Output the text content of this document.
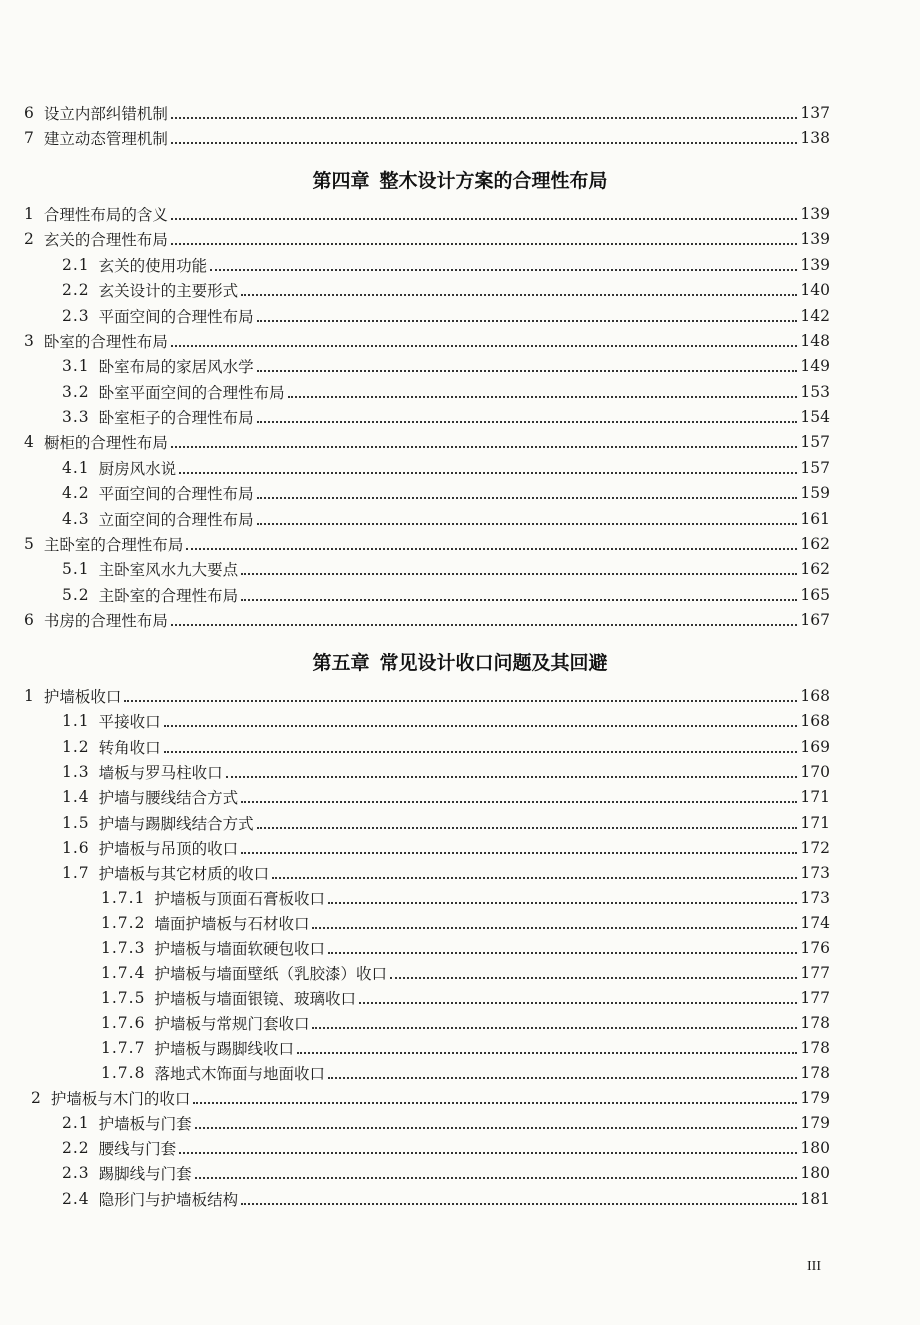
6 设立内部纠错机制	137
7 建立动态管理机制	138
第四章 整木设计方案的合理性布局
1 合理性布局的含义	139
2 玄关的合理性布局	139
2.1 玄关的使用功能	139
2.2 玄关设计的主要形式	140
2.3 平面空间的合理性布局	142
3 卧室的合理性布局	148
3.1 卧室布局的家居风水学	149
3.2 卧室平面空间的合理性布局	153
3.3 卧室柜子的合理性布局	154
4 橱柜的合理性布局	157
4.1 厨房风水说	157
4.2 平面空间的合理性布局	159
4.3 立面空间的合理性布局	161
5 主卧室的合理性布局	162
5.1 主卧室风水九大要点	162
5.2 主卧室的合理性布局	165
6 书房的合理性布局	167
第五章 常见设计收口问题及其回避
1 护墙板收口	168
1.1 平接收口	168
1.2 转角收口	169
1.3 墙板与罗马柱收口	170
1.4 护墙与腰线结合方式	171
1.5 护墙与踢脚线结合方式	171
1.6 护墙板与吊顶的收口	172
1.7 护墙板与其它材质的收口	173
1.7.1 护墙板与顶面石膏板收口	173
1.7.2 墙面护墙板与石材收口	174
1.7.3 护墙板与墙面软硬包收口	176
1.7.4 护墙板与墙面壁纸（乳胶漆）收口	177
1.7.5 护墙板与墙面银镜、玻璃收口	177
1.7.6 护墙板与常规门套收口	178
1.7.7 护墙板与踢脚线收口	178
1.7.8 落地式木饰面与地面收口	178
2 护墙板与木门的收口	179
2.1 护墙板与门套	179
2.2 腰线与门套	180
2.3 踢脚线与门套	180
2.4 隐形门与护墙板结构	181
III
